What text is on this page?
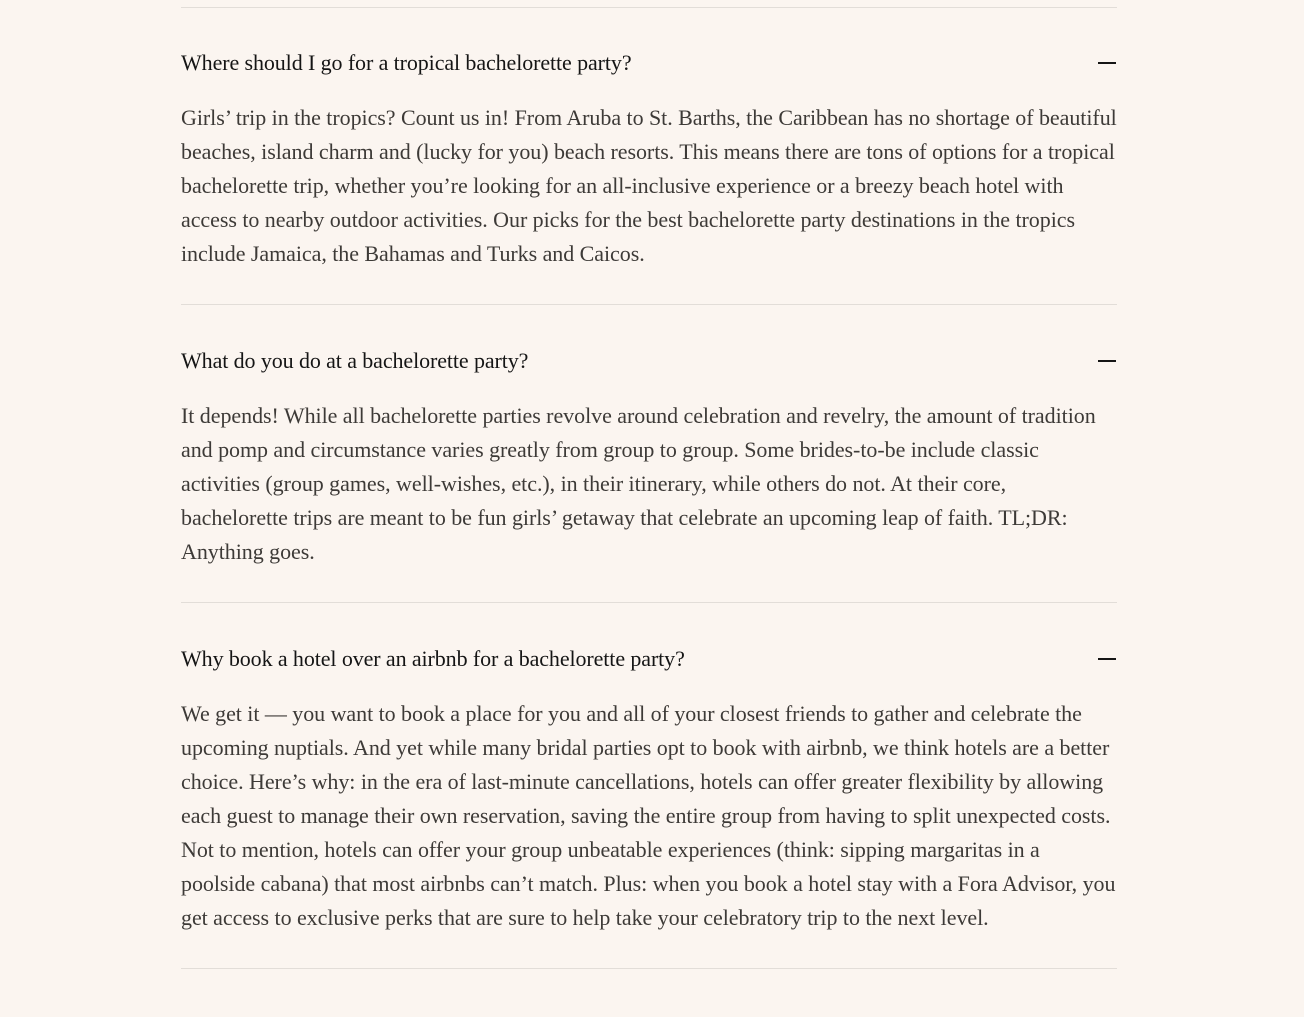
Where should I go for a tropical bachelorette party?
Girls’ trip in the tropics? Count us in! From Aruba to St. Barths, the Caribbean has no shortage of beautiful beaches, island charm and (lucky for you) beach resorts. This means there are tons of options for a tropical bachelorette trip, whether you’re looking for an all-inclusive experience or a breezy beach hotel with access to nearby outdoor activities. Our picks for the best bachelorette party destinations in the tropics include Jamaica, the Bahamas and Turks and Caicos.
What do you do at a bachelorette party?
It depends! While all bachelorette parties revolve around celebration and revelry, the amount of tradition and pomp and circumstance varies greatly from group to group. Some brides-to-be include classic activities (group games, well-wishes, etc.), in their itinerary, while others do not. At their core, bachelorette trips are meant to be fun girls’ getaway that celebrate an upcoming leap of faith. TL;DR: Anything goes.
Why book a hotel over an airbnb for a bachelorette party?
We get it — you want to book a place for you and all of your closest friends to gather and celebrate the upcoming nuptials. And yet while many bridal parties opt to book with airbnb, we think hotels are a better choice. Here’s why: in the era of last-minute cancellations, hotels can offer greater flexibility by allowing each guest to manage their own reservation, saving the entire group from having to split unexpected costs. Not to mention, hotels can offer your group unbeatable experiences (think: sipping margaritas in a poolside cabana) that most airbnbs can’t match. Plus: when you book a hotel stay with a Fora Advisor, you get access to exclusive perks that are sure to help take your celebratory trip to the next level.
